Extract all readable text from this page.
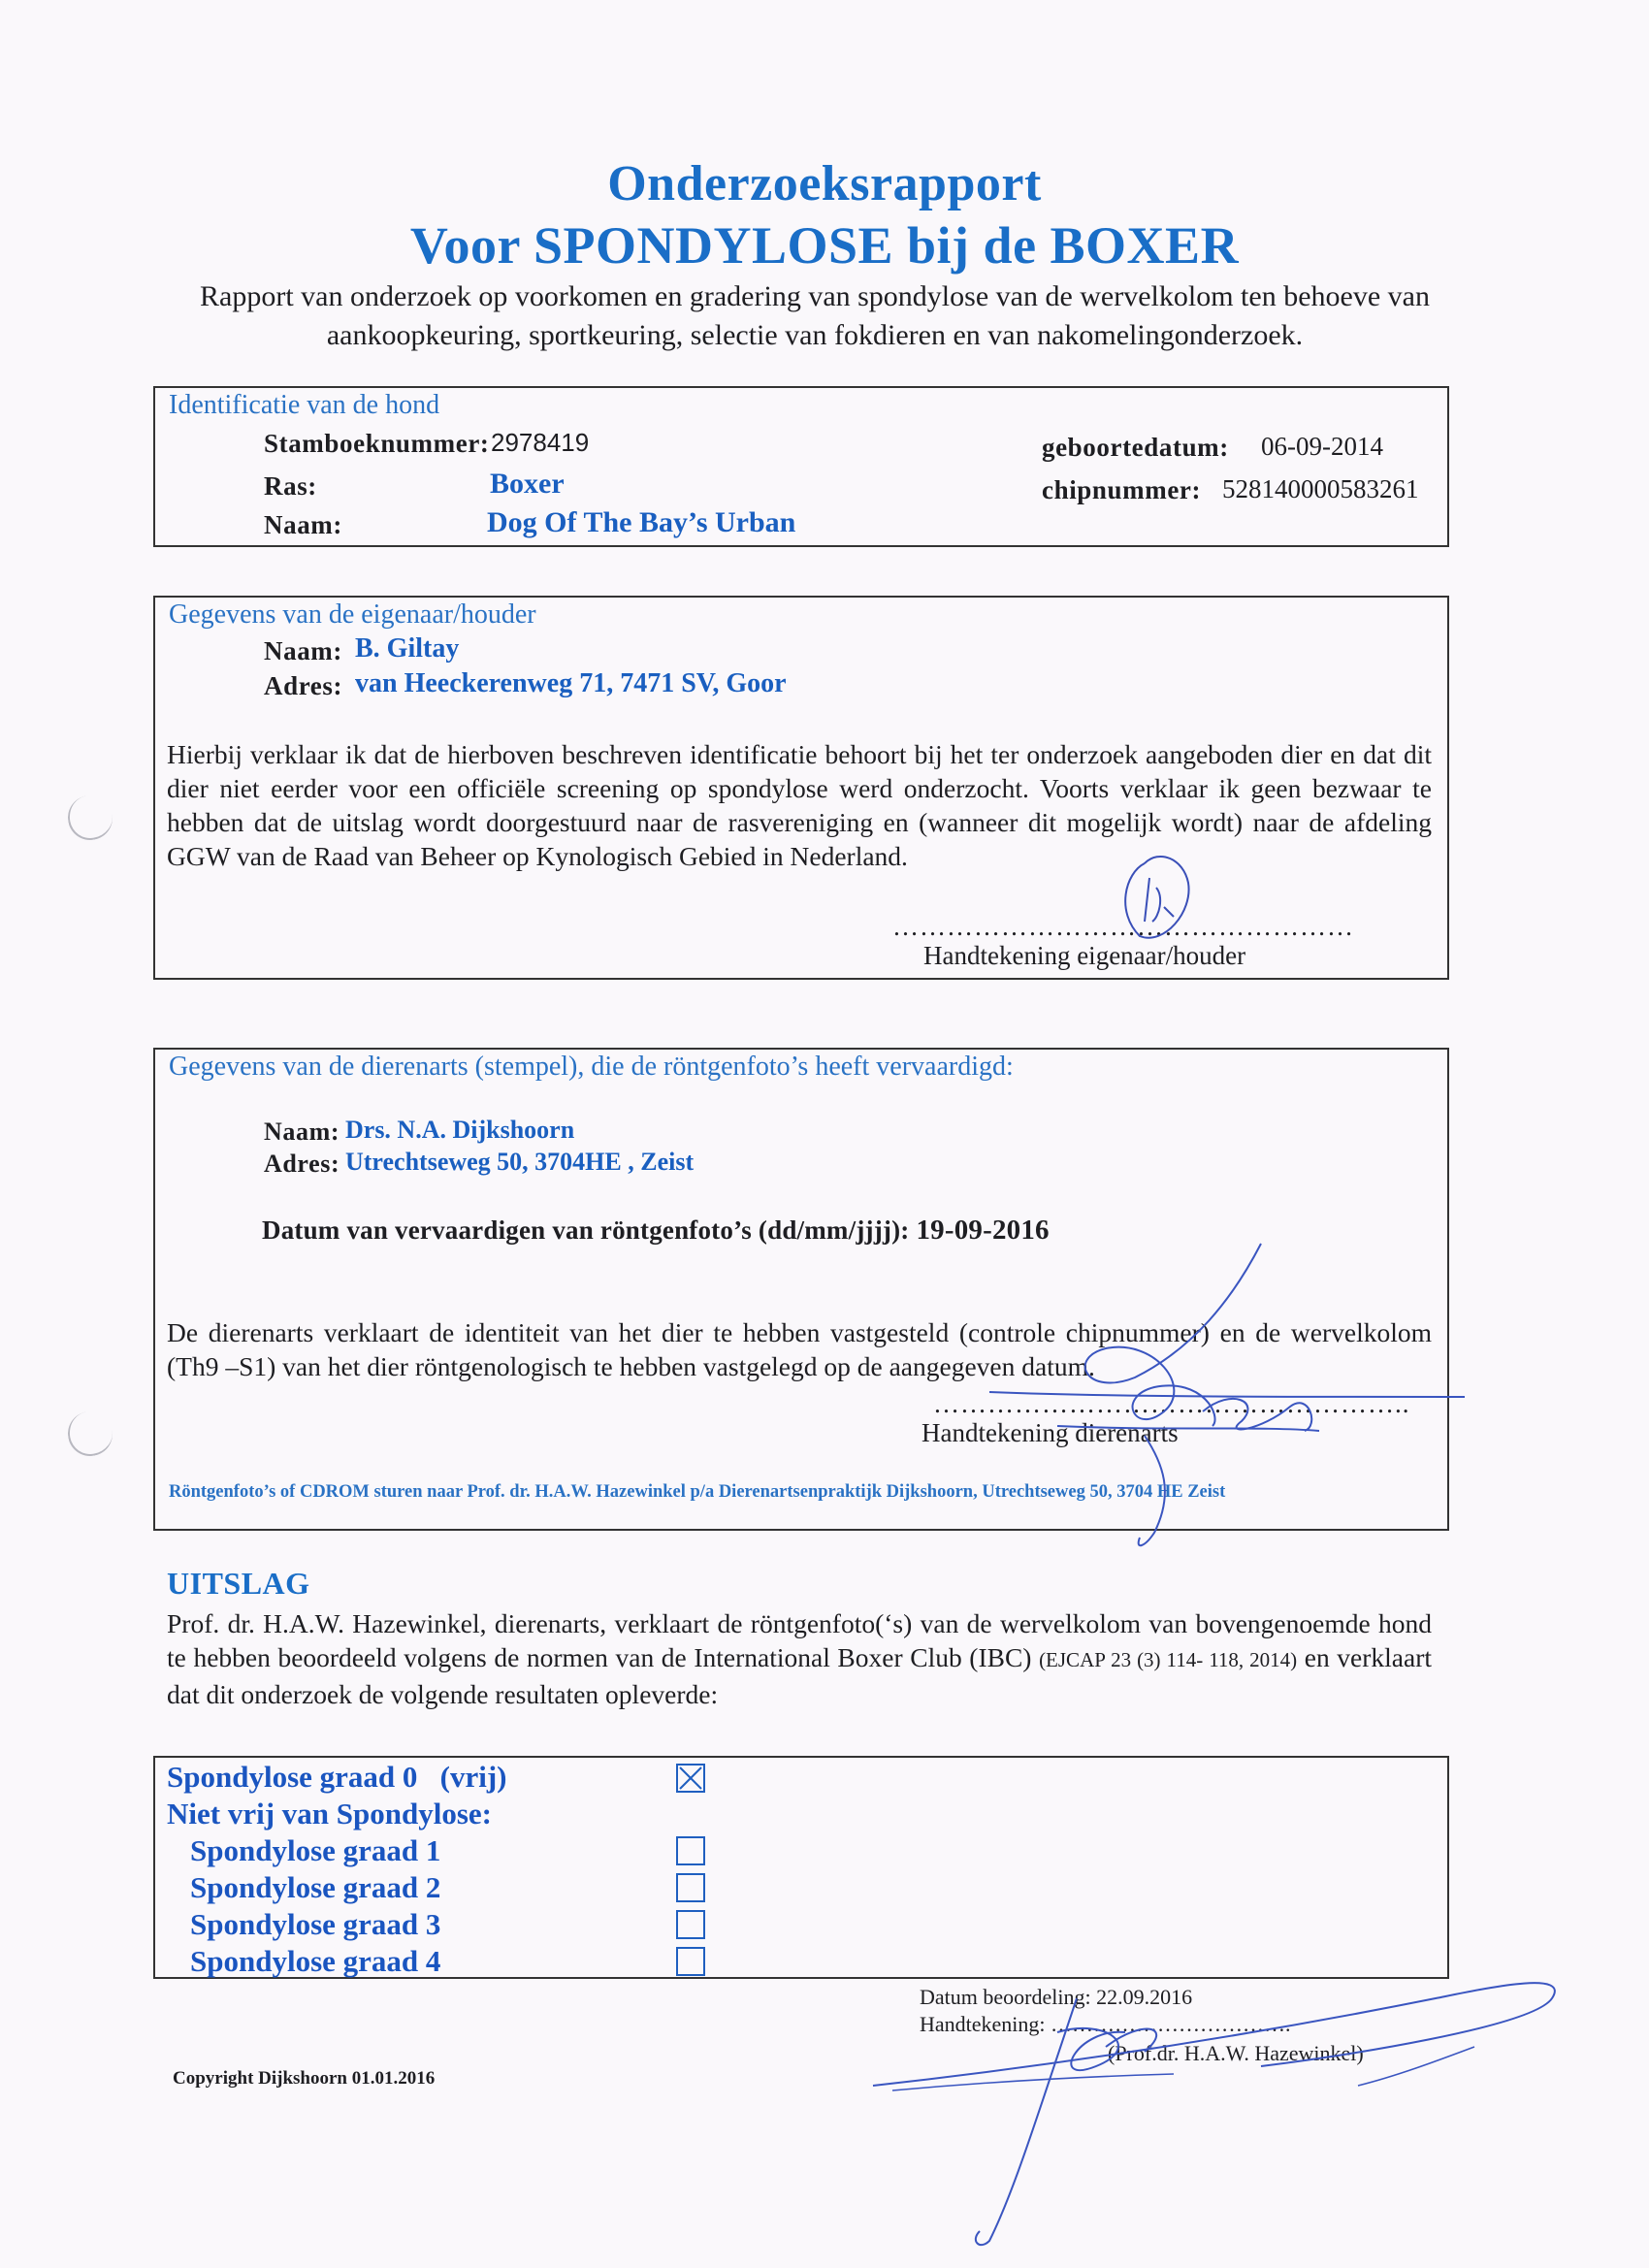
Onderzoeksrapport
Voor SPONDYLOSE bij de BOXER
Rapport van onderzoek op voorkomen en gradering van spondylose van de wervelkolom ten behoeve van aankoopkeuring, sportkeuring, selectie van fokdieren en van nakomelingonderzoek.
Identificatie van de hond
Stamboeknummer: 2978419
Ras:	Boxer
Naam:	Dog Of The Bay’s Urban
geboortedatum: 06-09-2014
chipnummer: 528140000583261
Gegevens van de eigenaar/houder
Naam: B. Giltay
Adres: van Heeckerenweg 71, 7471 SV, Goor
Hierbij verklaar ik dat de hierboven beschreven identificatie behoort bij het ter onderzoek aangeboden dier en dat dit dier niet eerder voor een officiële screening op spondylose werd onderzocht. Voorts verklaar ik geen bezwaar te hebben dat de uitslag wordt doorgestuurd naar de rasvereniging en (wanneer dit mogelijk wordt) naar de afdeling GGW van de Raad van Beheer op Kynologisch Gebied in Nederland.
……………………………………………
Handtekening eigenaar/houder
Gegevens van de dierenarts (stempel), die de röntgenfoto’s heeft vervaardigd:
Naam: Drs. N.A. Dijkshoorn
Adres: Utrechtseweg 50, 3704HE , Zeist
Datum van vervaardigen van röntgenfoto’s (dd/mm/jjjj): 19-09-2016
De dierenarts verklaart de identiteit van het dier te hebben vastgesteld (controle chipnummer) en de wervelkolom (Th9 –S1) van het dier röntgenologisch te hebben vastgelegd op de aangegeven datum.
……………………………………………..
Handtekening dierenarts
Röntgenfoto’s of CDROM sturen naar Prof. dr. H.A.W. Hazewinkel p/a Dierenartsenpraktijk Dijkshoorn, Utrechtseweg 50, 3704 HE Zeist
UITSLAG
Prof. dr. H.A.W. Hazewinkel, dierenarts, verklaart de röntgenfoto(‘s) van de wervelkolom van bovengenoemde hond te hebben beoordeeld volgens de normen van de International Boxer Club (IBC) (EJCAP 23 (3) 114- 118, 2014) en verklaart dat dit onderzoek de volgende resultaten opleverde:
Spondylose graad 0 (vrij)
Niet vrij van Spondylose:
Spondylose graad 1
Spondylose graad 2
Spondylose graad 3
Spondylose graad 4
Datum beoordeling: 22.09.2016
Handtekening: …………………………….
(Prof.dr. H.A.W. Hazewinkel)
Copyright Dijkshoorn 01.01.2016
